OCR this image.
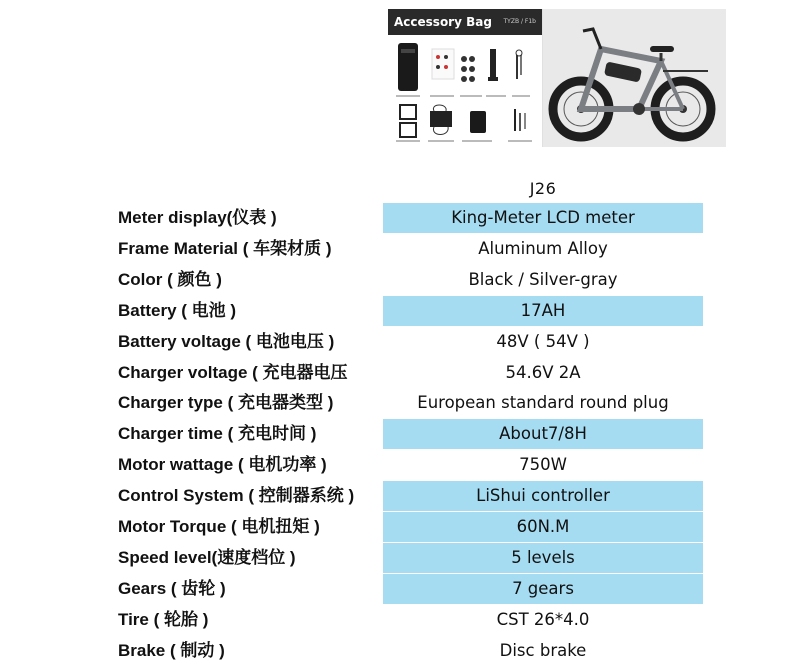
Accessory Bag TYZB / F1b
J26
Meter display(仪表 )	King-Meter LCD meter
Frame Material ( 车架材质 )	Aluminum Alloy
Color ( 颜色 )	Black / Silver-gray
Battery ( 电池 )	17AH
Battery voltage ( 电池电压 )	48V ( 54V )
Charger voltage ( 充电器电压	54.6V 2A
Charger type ( 充电器类型 )	European standard round plug
Charger time ( 充电时间 )	About7/8H
Motor wattage ( 电机功率 )	750W
Control System ( 控制器系统 )	LiShui controller
Motor Torque ( 电机扭矩 )	60N.M
Speed level(速度档位 )	5 levels
Gears ( 齿轮 )	7 gears
Tire ( 轮胎 )	CST 26*4.0
Brake ( 制动 )	Disc brake
